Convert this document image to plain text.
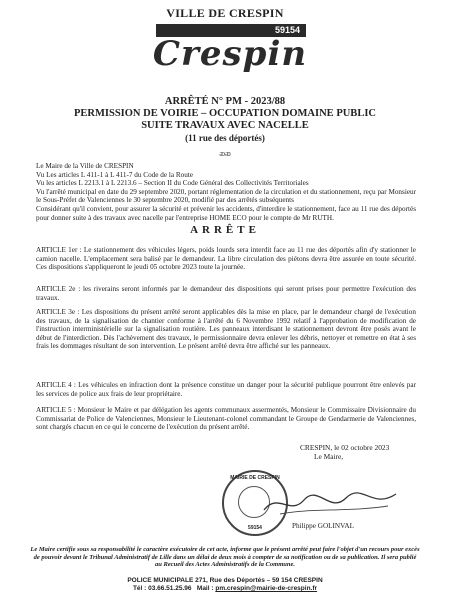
VILLE DE CRESPIN
59154
Crespin
ARRÊTÉ N° PM - 2023/88
PERMISSION DE VOIRIE – OCCUPATION DOMAINE PUBLIC
SUITE TRAVAUX AVEC NACELLE
(11 rue des déportés)
ᴔᴔ
Le Maire de la Ville de CRESPIN
Vu Les articles L 411-1 à L 411-7 du Code de la Route
Vu les articles L 2213.1 à L 2213.6 – Section II du Code Général des Collectivités Territoriales
Vu l'arrêté municipal en date du 29 septembre 2020, portant réglementation de la circulation et du stationnement, reçu par Monsieur le Sous-Préfet de Valenciennes le 30 septembre 2020, modifié par des arrêtés subséquents
Considérant qu'il convient, pour assurer la sécurité et prévenir les accidents, d'interdire le stationnement, face au 11 rue des déportés pour donner suite à des travaux avec nacelle par l'entreprise HOME ECO pour le compte de Mr RUTH.
ARRÊTE
ARTICLE 1er : Le stationnement des véhicules légers, poids lourds sera interdit face au 11 rue des déportés afin d'y stationner le camion nacelle. L'emplacement sera balisé par le demandeur. La libre circulation des piétons devra être assurée en toute sécurité. Ces dispositions s'appliqueront le jeudi 05 octobre 2023 toute la journée.
ARTICLE 2e : les riverains seront informés par le demandeur des dispositions qui seront prises pour permettre l'exécution des travaux.
ARTICLE 3e : Les dispositions du présent arrêté seront applicables dès la mise en place, par le demandeur chargé de l'exécution des travaux, de la signalisation de chantier conforme à l'arrêté du 6 Novembre 1992 relatif à l'approbation de modification de l'instruction interministérielle sur la signalisation routière. Les panneaux interdisant le stationnement devront être posés avant le début de l'interdiction. Dès l'achèvement des travaux, le permissionnaire devra enlever les débris, nettoyer et remettre en état à ses frais les dommages résultant de son intervention. Le présent arrêté devra être affiché sur les panneaux.
ARTICLE 4 : Les véhicules en infraction dont la présence constitue un danger pour la sécurité publique pourront être enlevés par les services de police aux frais de leur propriétaire.
ARTICLE 5 : Monsieur le Maire et par délégation les agents communaux assermentés, Monsieur le Commissaire Divisionnaire du Commissariat de Police de Valenciennes, Monsieur le Lieutenant-colonel commandant le Groupe de Gendarmerie de Valenciennes, sont chargés chacun en ce qui le concerne de l'exécution du présent arrêté.
CRESPIN, le 02 octobre 2023
Le Maire,
MAIRIE DE CRESPIN
59154	Philippe GOLINVAL
Le Maire certifie sous sa responsabilité le caractère exécutoire de cet acte, informe que le présent arrêté peut faire l'objet d'un recours pour excès de pouvoir devant le Tribunal Administratif de Lille dans un délai de deux mois à compter de sa notification ou de sa publication. Il sera publié au Recueil des Actes Administratifs de la Commune.
POLICE MUNICIPALE 271, Rue des Déportés – 59 154 CRESPIN
Tél : 03.66.51.25.96 Mail : pm.crespin@mairie-de-crespin.fr
